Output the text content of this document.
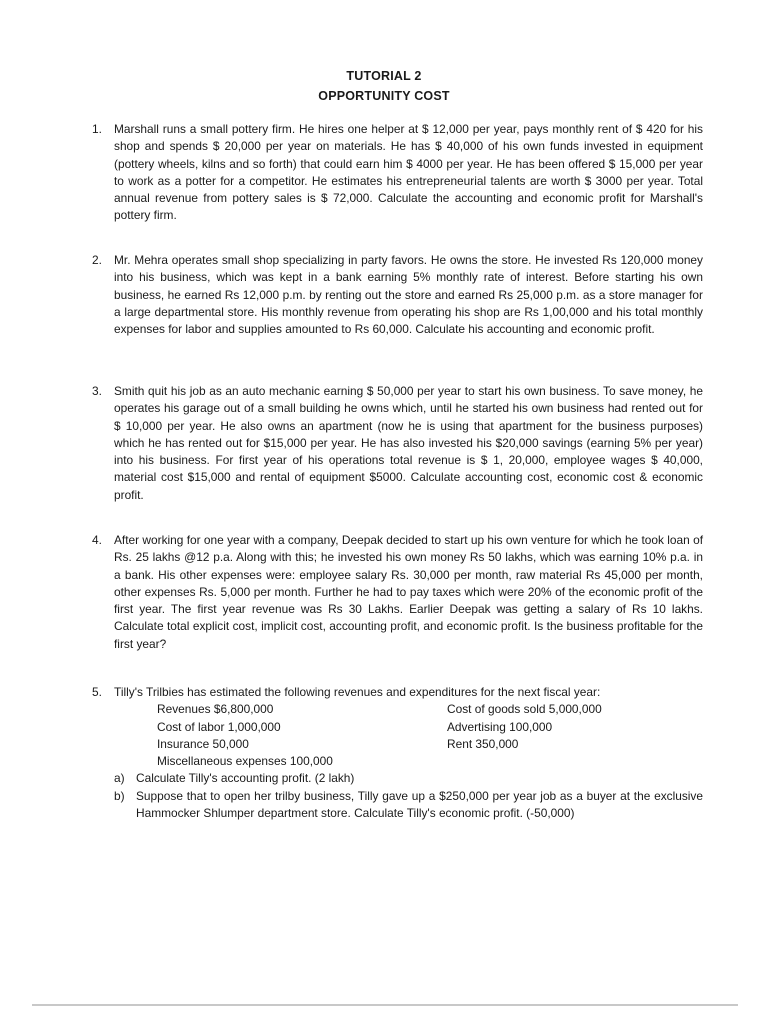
TUTORIAL 2
OPPORTUNITY COST
1.	Marshall runs a small pottery firm. He hires one helper at $ 12,000 per year, pays monthly rent of $ 420 for his shop and spends $ 20,000 per year on materials. He has $ 40,000 of his own funds invested in equipment (pottery wheels, kilns and so forth) that could earn him $ 4000 per year. He has been offered $ 15,000 per year to work as a potter for a competitor. He estimates his entrepreneurial talents are worth $ 3000 per year. Total annual revenue from pottery sales is $ 72,000. Calculate the accounting and economic profit for Marshall's pottery firm.
2.	Mr. Mehra operates small shop specializing in party favors. He owns the store. He invested Rs 120,000 money into his business, which was kept in a bank earning 5% monthly rate of interest. Before starting his own business, he earned Rs 12,000 p.m. by renting out the store and earned Rs 25,000 p.m. as a store manager for a large departmental store. His monthly revenue from operating his shop are Rs 1,00,000 and his total monthly expenses for labor and supplies amounted to Rs 60,000. Calculate his accounting and economic profit.
3.	Smith quit his job as an auto mechanic earning $ 50,000 per year to start his own business. To save money, he operates his garage out of a small building he owns which, until he started his own business had rented out for $ 10,000 per year. He also owns an apartment (now he is using that apartment for the business purposes) which he has rented out for $15,000 per year. He has also invested his $20,000 savings (earning 5% per year) into his business. For first year of his operations total revenue is $ 1, 20,000, employee wages $ 40,000, material cost $15,000 and rental of equipment $5000. Calculate accounting cost, economic cost & economic profit.
4.	After working for one year with a company, Deepak decided to start up his own venture for which he took loan of Rs. 25 lakhs @12 p.a. Along with this; he invested his own money Rs 50 lakhs, which was earning 10% p.a. in a bank. His other expenses were: employee salary Rs. 30,000 per month, raw material Rs 45,000 per month, other expenses Rs. 5,000 per month. Further he had to pay taxes which were 20% of the economic profit of the first year. The first year revenue was Rs 30 Lakhs. Earlier Deepak was getting a salary of Rs 10 lakhs. Calculate total explicit cost, implicit cost, accounting profit, and economic profit. Is the business profitable for the first year?
5.	Tilly's Trilbies has estimated the following revenues and expenditures for the next fiscal year:
Revenues $6,800,000	Cost of goods sold 5,000,000
Cost of labor 1,000,000	Advertising 100,000
Insurance 50,000	Rent 350,000
Miscellaneous expenses 100,000
a) Calculate Tilly's accounting profit. (2 lakh)
b) Suppose that to open her trilby business, Tilly gave up a $250,000 per year job as a buyer at the exclusive Hammocker Shlumper department store. Calculate Tilly's economic profit. (-50,000)
